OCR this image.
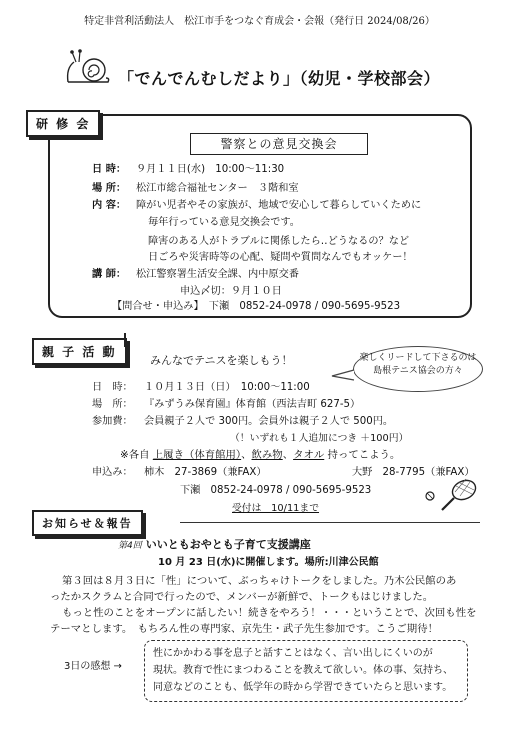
特定非営利活動法人　松江市手をつなぐ育成会・会報（発行日 2024/08/26）
「でんでんむしだより」（幼児・学校部会）
研 修 会
警察との意見交換会
日 時： ９月１１日(水)　10:00～11:30
場 所： 松江市総合福祉センター　３階和室
内 容： 障がい児者やその家族が、地域で安心して暮らしていくために
毎年行っている意見交換会です。
障害のある人がトラブルに関係したら‥どうなるの？など
日ごろや災害時等の心配、疑問や質問なんでもオッケー！
講 師： 松江警察署生活安全課、内中原交番
申込〆切：９月１０日
【問合せ・申込み】　下瀬　0852-24-0978 / 090-5695-9523
親 子 活 動
みんなでテニスを楽しもう！	楽しくリードして下さるのは
島根テニス協会の方々
日　時： １０月１３日（日）　10:00～11:00
場　所： 『みずうみ保育園』体育館（西法吉町 627-5）
参加費： 会員親子２人で 300円。会員外は親子２人で 500円。
（！いずれも１人追加につき ＋100円）
※各自 上履き（体育館用）、飲み物、タオル 持ってこよう。
申込み： 柿木　27-3869（兼FAX）	大野　28-7795（兼FAX）
下瀬　0852-24-0978 / 090-5695-9523
受付は　10/11まで
お知らせ＆報告
第4回 いいともおやとも子育て支援講座
10 月 23 日(水)に開催します。場所:川津公民館
第３回は８月３日に「性」について、ぶっちゃけトークをしました。乃木公民館のあ
ったかスクラムと合同で行ったので、メンバーが新鮮で、トークもはじけました。
もっと性のことをオープンに話したい！続きをやろう！・・・ということで、次回も性を
テーマとします。　もちろん性の専門家、京先生・武子先生参加です。こうご期待！
3日の感想 →
性にかかわる事を息子と話すことはなく、言い出しにくいのが
現状。教育で性にまつわることを教えて欲しい。体の事、気持ち、
同意などのことも、低学年の時から学習できていたらと思います。
